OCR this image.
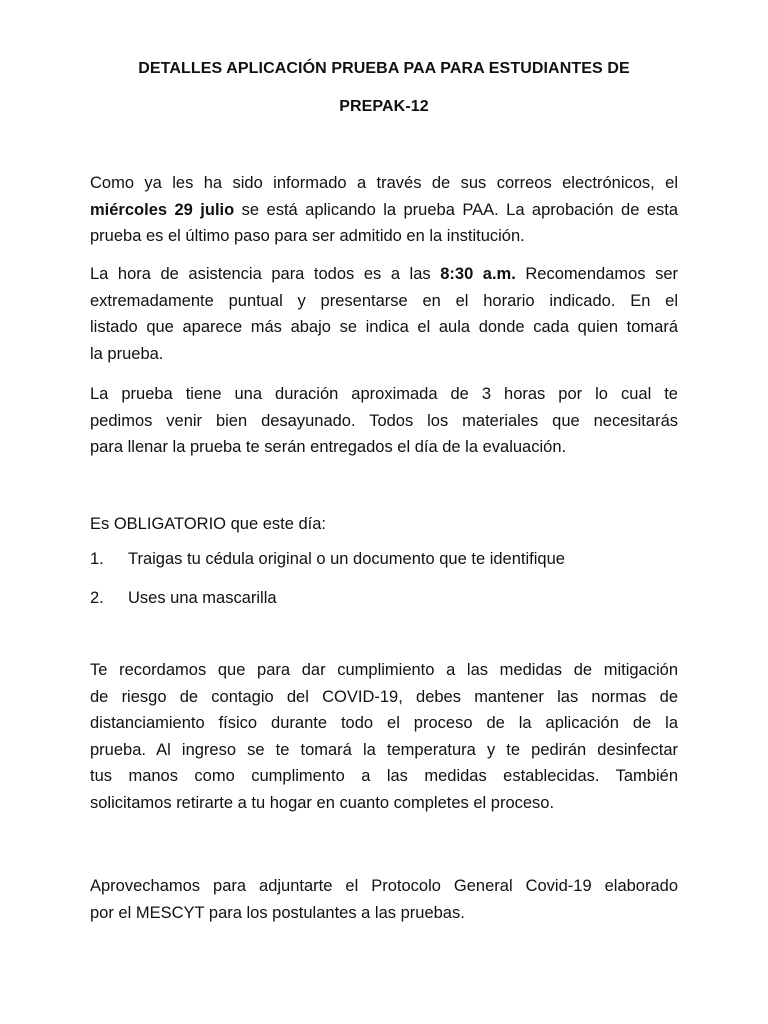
DETALLES APLICACIÓN PRUEBA PAA PARA ESTUDIANTES DE
PREPAK-12
Como ya les ha sido informado a través de sus correos electrónicos, el
miércoles 29 julio se está aplicando la prueba PAA. La aprobación de esta
prueba es el último paso para ser admitido en la institución.
La hora de asistencia para todos es a las 8:30 a.m. Recomendamos ser
extremadamente puntual y presentarse en el horario indicado. En el
listado que aparece más abajo se indica el aula donde cada quien tomará
la prueba.
La prueba tiene una duración aproximada de 3 horas por lo cual te
pedimos venir bien desayunado. Todos los materiales que necesitarás
para llenar la prueba te serán entregados el día de la evaluación.
Es OBLIGATORIO que este día:
1. Traigas tu cédula original o un documento que te identifique
2. Uses una mascarilla
Te recordamos que para dar cumplimiento a las medidas de mitigación
de riesgo de contagio del COVID-19, debes mantener las normas de
distanciamiento físico durante todo el proceso de la aplicación de la
prueba. Al ingreso se te tomará la temperatura y te pedirán desinfectar
tus manos como cumplimento a las medidas establecidas. También
solicitamos retirarte a tu hogar en cuanto completes el proceso.
Aprovechamos para adjuntarte el Protocolo General Covid-19 elaborado
por el MESCYT para los postulantes a las pruebas.
